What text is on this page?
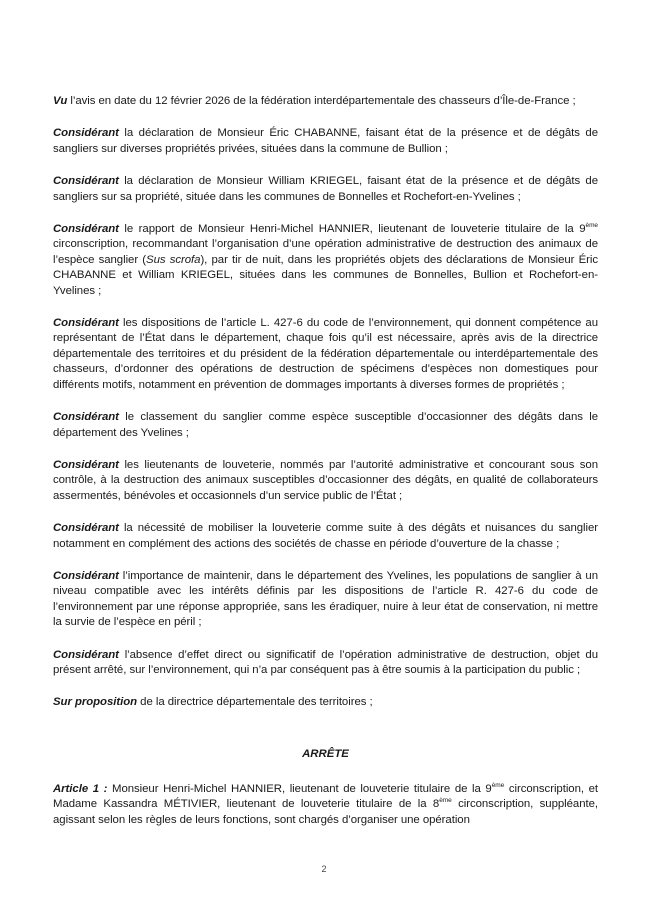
Vu l’avis en date du 12 février 2026 de la fédération interdépartementale des chasseurs d’Île-de-France ;

Considérant la déclaration de Monsieur Éric CHABANNE, faisant état de la présence et de dégâts de sangliers sur diverses propriétés privées, situées dans la commune de Bullion ;

Considérant la déclaration de Monsieur William KRIEGEL, faisant état de la présence et de dégâts de sangliers sur sa propriété, située dans les communes de Bonnelles et Rochefort-en-Yvelines ;

Considérant le rapport de Monsieur Henri-Michel HANNIER, lieutenant de louveterie titulaire de la 9ème circonscription, recommandant l’organisation d’une opération administrative de destruction des animaux de l’espèce sanglier (Sus scrofa), par tir de nuit, dans les propriétés objets des déclarations de Monsieur Éric CHABANNE et William KRIEGEL, situées dans les communes de Bonnelles, Bullion et Rochefort-en-Yvelines ;

Considérant les dispositions de l’article L. 427-6 du code de l’environnement, qui donnent compétence au représentant de l’État dans le département, chaque fois qu’il est nécessaire, après avis de la directrice départementale des territoires et du président de la fédération départementale ou interdépartementale des chasseurs, d’ordonner des opérations de destruction de spécimens d’espèces non domestiques pour différents motifs, notamment en prévention de dommages importants à diverses formes de propriétés ;

Considérant le classement du sanglier comme espèce susceptible d’occasionner des dégâts dans le département des Yvelines ;

Considérant les lieutenants de louveterie, nommés par l’autorité administrative et concourant sous son contrôle, à la destruction des animaux susceptibles d’occasionner des dégâts, en qualité de collaborateurs assermentés, bénévoles et occasionnels d’un service public de l’État ;

Considérant la nécessité de mobiliser la louveterie comme suite à des dégâts et nuisances du sanglier notamment en complément des actions des sociétés de chasse en période d’ouverture de la chasse ;

Considérant l’importance de maintenir, dans le département des Yvelines, les populations de sanglier à un niveau compatible avec les intérêts définis par les dispositions de l’article R. 427-6 du code de l’environnement par une réponse appropriée, sans les éradiquer, nuire à leur état de conservation, ni mettre la survie de l’espèce en péril ;

Considérant l’absence d’effet direct ou significatif de l’opération administrative de destruction, objet du présent arrêté, sur l’environnement, qui n’a par conséquent pas à être soumis à la participation du public ;

Sur proposition de la directrice départementale des territoires ;

ARRÊTE

Article 1 : Monsieur Henri-Michel HANNIER, lieutenant de louveterie titulaire de la 9ème circonscription, et Madame Kassandra MÉTIVIER, lieutenant de louveterie titulaire de la 8ème circonscription, suppléante, agissant selon les règles de leurs fonctions, sont chargés d’organiser une opération

2
